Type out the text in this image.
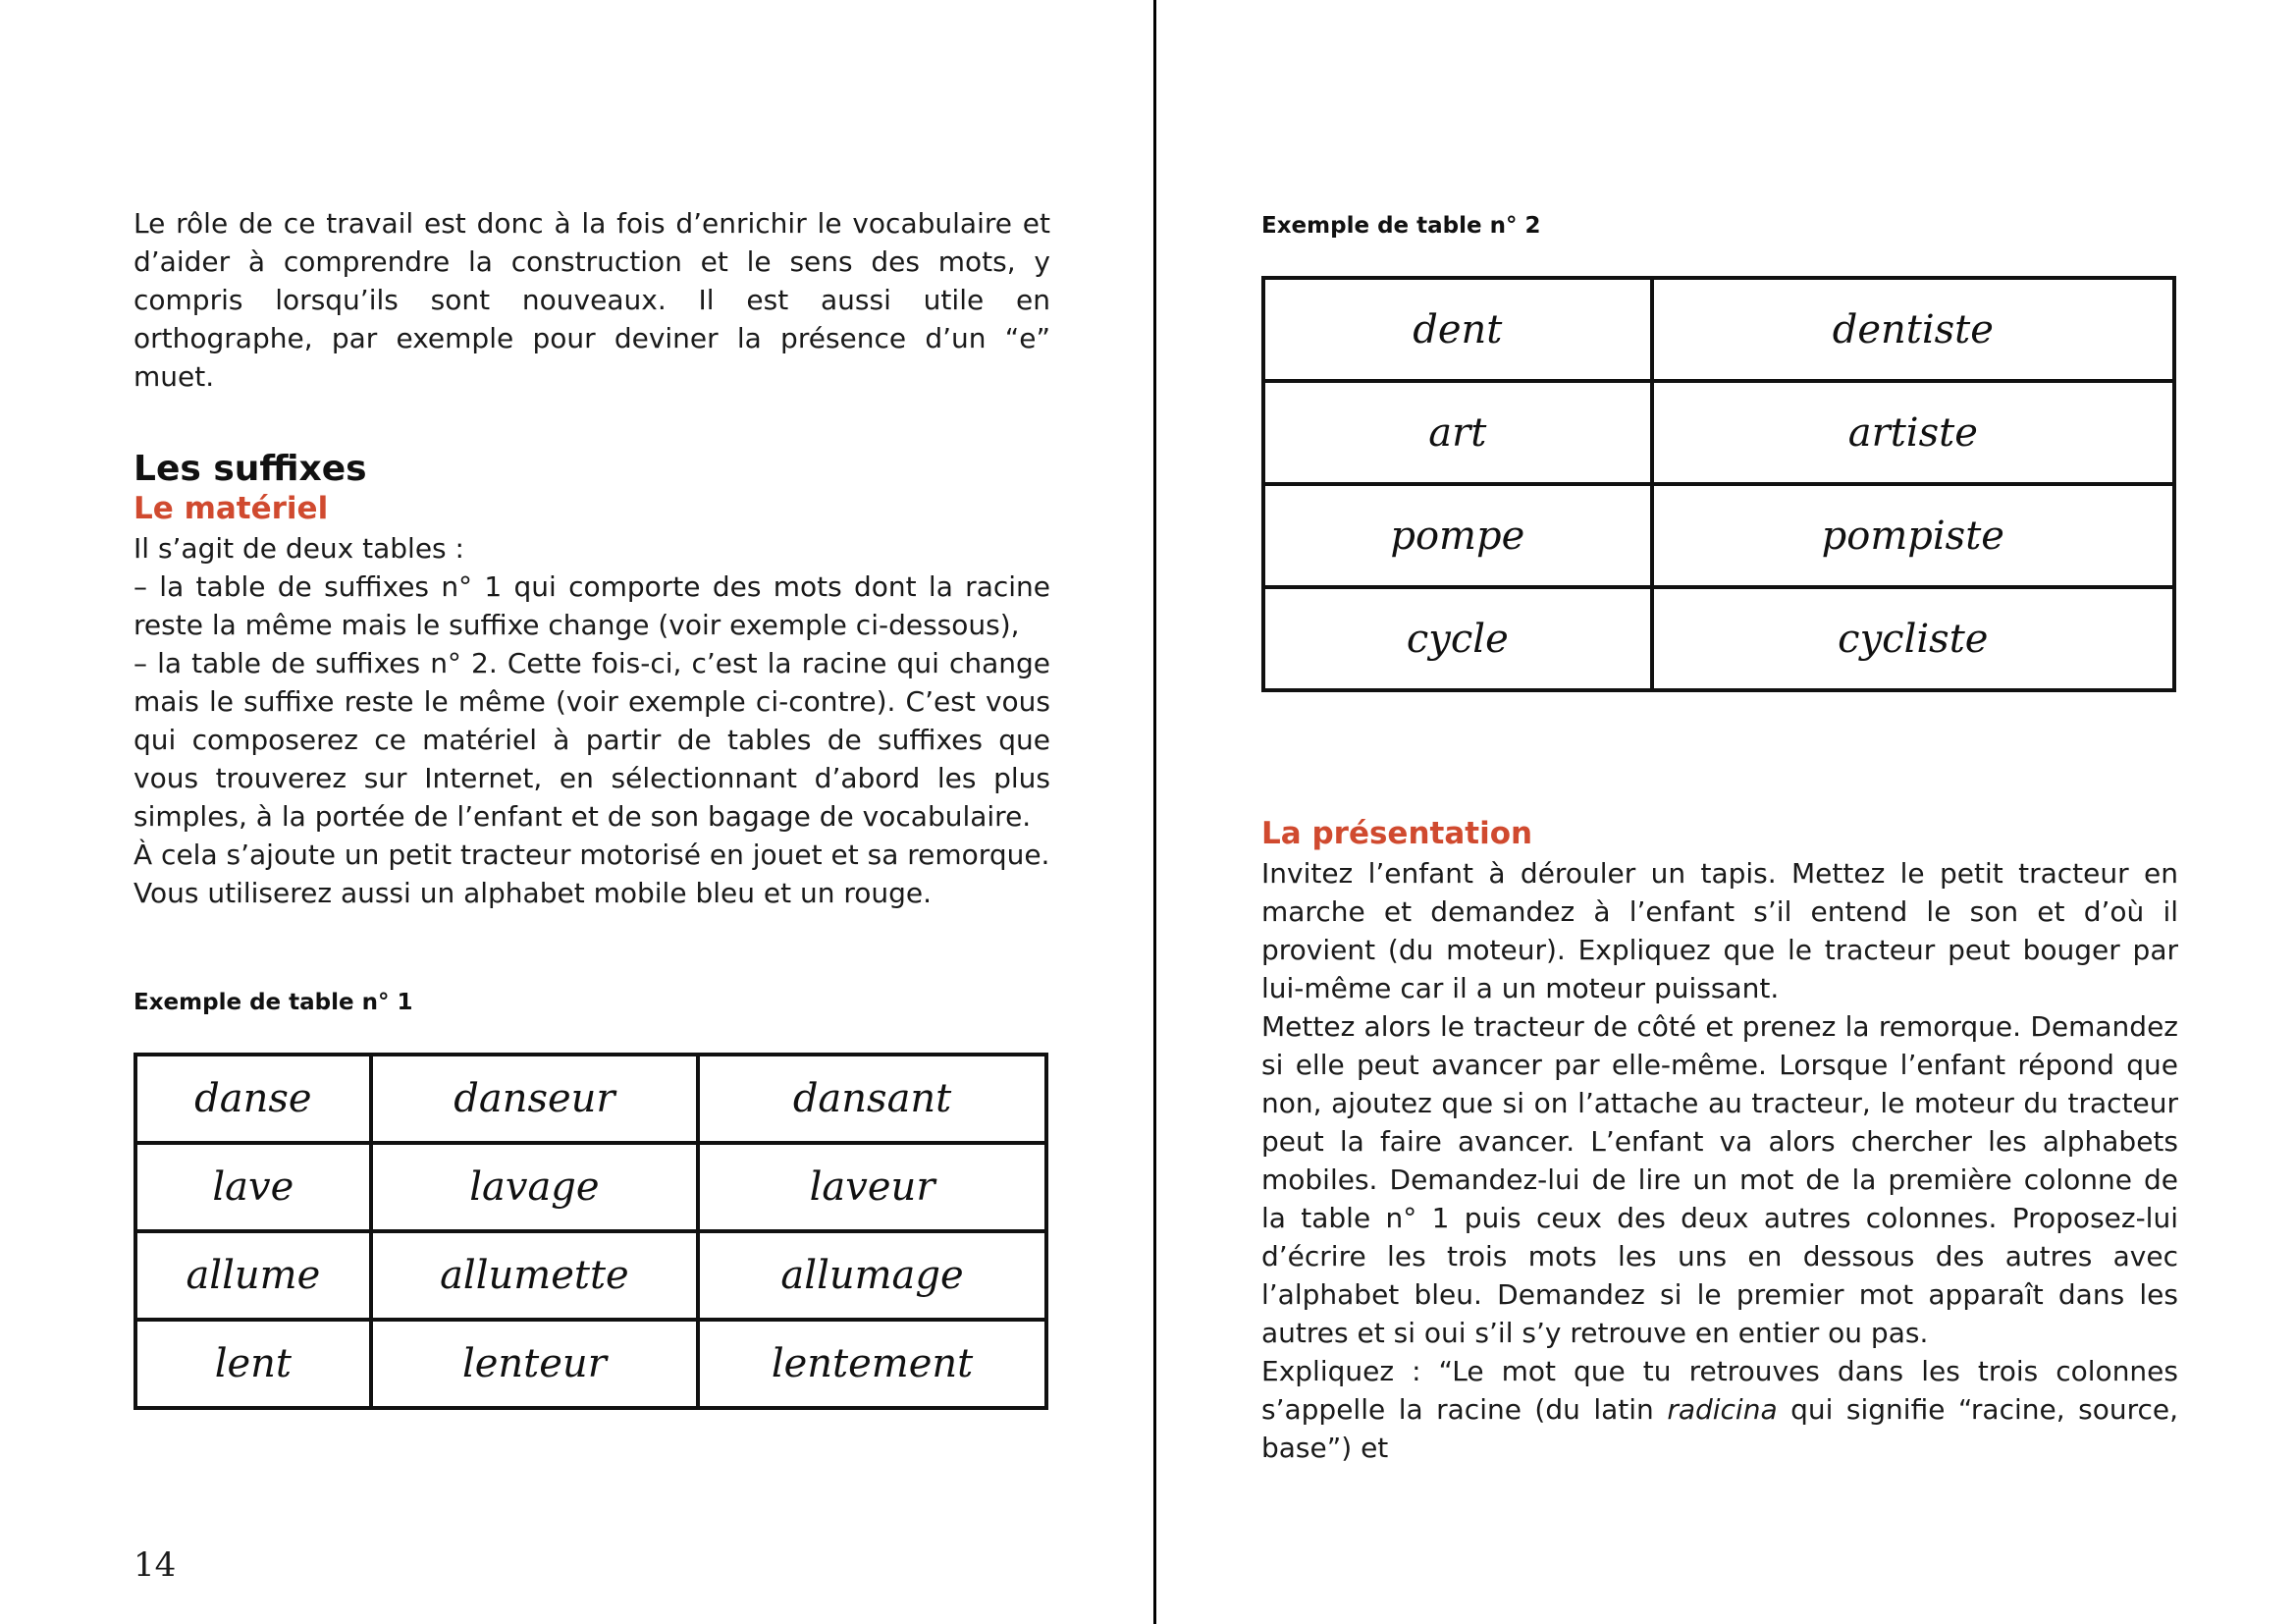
Le rôle de ce travail est donc à la fois d’enrichir le vocabulaire et d’aider à comprendre la construction et le sens des mots, y compris lorsqu’ils sont nouveaux. Il est aussi utile en orthographe, par exemple pour deviner la présence d’un “e” muet.
Les suffixes
Le matériel

Il s’agit de deux tables :

– la table de suffixes n° 1 qui comporte des mots dont la racine reste la même mais le suffixe change (voir exemple ci-dessous),

– la table de suffixes n° 2. Cette fois-ci, c’est la racine qui change mais le suffixe reste le même (voir exemple ci-contre). C’est vous qui composerez ce matériel à partir de tables de suffixes que vous trouverez sur Internet, en sélectionnant d’abord les plus simples, à la portée de l’enfant et de son bagage de vocabulaire.

À cela s’ajoute un petit tracteur motorisé en jouet et sa remorque.

Vous utiliserez aussi un alphabet mobile bleu et un rouge.

Exemple de table n° 1
danse	danseur	dansant
lave	lavage	laveur
allume	allumette	allumage
lent	lenteur	lentement
14
Exemple de table n° 2
dent	dentiste
art	artiste
pompe	pompiste
cycle	cycliste
La présentation

Invitez l’enfant à dérouler un tapis. Mettez le petit tracteur en marche et demandez à l’enfant s’il entend le son et d’où il provient (du moteur). Expliquez que le tracteur peut bouger par lui-même car il a un moteur puissant.

Mettez alors le tracteur de côté et prenez la remorque. Demandez si elle peut avancer par elle-même. Lorsque l’enfant répond que non, ajoutez que si on l’attache au tracteur, le moteur du tracteur peut la faire avancer. L’enfant va alors chercher les alphabets mobiles. Demandez-lui de lire un mot de la première colonne de la table n° 1 puis ceux des deux autres colonnes. Proposez-lui d’écrire les trois mots les uns en dessous des autres avec l’alphabet bleu. Demandez si le premier mot apparaît dans les autres et si oui s’il s’y retrouve en entier ou pas.

Expliquez : “Le mot que tu retrouves dans les trois colonnes s’appelle la racine (du latin radicina qui signifie “racine, source, base”) et
